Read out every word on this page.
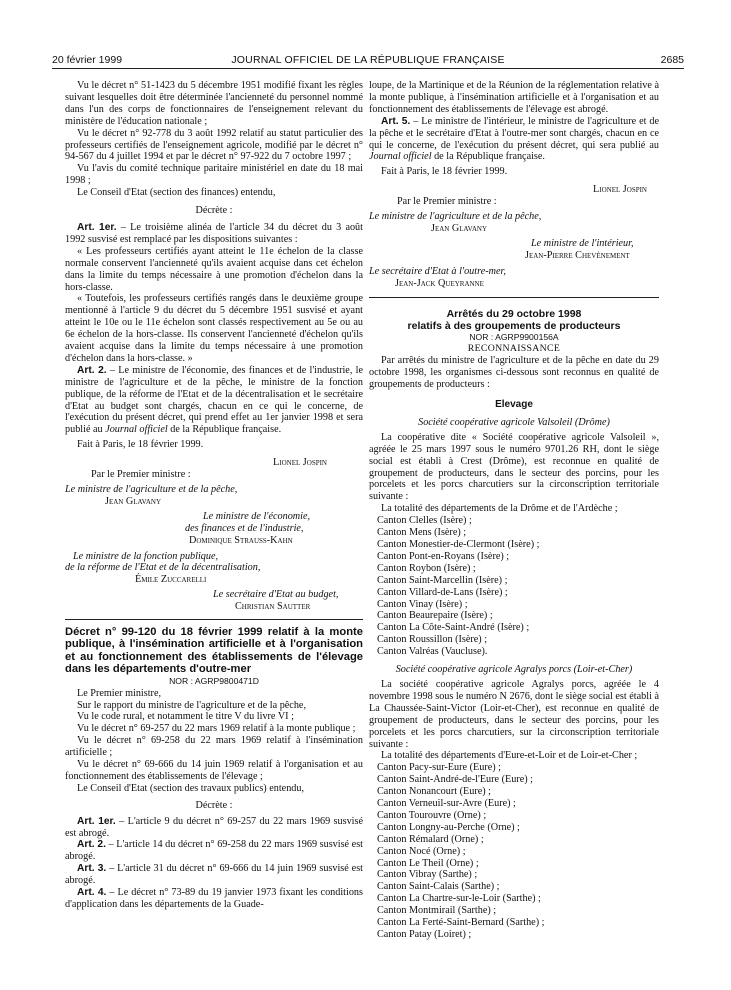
20 février 1999	JOURNAL OFFICIEL DE LA RÉPUBLIQUE FRANÇAISE	2685

Vu le décret n° 51-1423 du 5 décembre 1951 modifié fixant les règles suivant lesquelles doit être déterminée l'ancienneté du personnel nommé dans l'un des corps de fonctionnaires de l'enseignement relevant du ministère de l'éducation nationale ;

Vu le décret n° 92-778 du 3 août 1992 relatif au statut particulier des professeurs certifiés de l'enseignement agricole, modifié par le décret n° 94-567 du 4 juillet 1994 et par le décret n° 97-922 du 7 octobre 1997 ;

Vu l'avis du comité technique paritaire ministériel en date du 18 mai 1998 ;

Le Conseil d'Etat (section des finances) entendu,

Décrète :

Art. 1er. – Le troisième alinéa de l'article 34 du décret du 3 août 1992 susvisé est remplacé par les dispositions suivantes :

« Les professeurs certifiés ayant atteint le 11e échelon de la classe normale conservent l'ancienneté qu'ils avaient acquise dans cet échelon dans la limite du temps nécessaire à une promotion d'échelon dans la hors-classe.

« Toutefois, les professeurs certifiés rangés dans le deuxième groupe mentionné à l'article 9 du décret du 5 décembre 1951 susvisé et ayant atteint le 10e ou le 11e échelon sont classés respectivement au 5e ou au 6e échelon de la hors-classe. Ils conservent l'ancienneté d'échelon qu'ils avaient acquise dans la limite du temps nécessaire à une promotion d'échelon dans la hors-classe. »

Art. 2. – Le ministre de l'économie, des finances et de l'industrie, le ministre de l'agriculture et de la pêche, le ministre de la fonction publique, de la réforme de l'Etat et de la décentralisation et le secrétaire d'Etat au budget sont chargés, chacun en ce qui le concerne, de l'exécution du présent décret, qui prend effet au 1er janvier 1998 et sera publié au Journal officiel de la République française.

Fait à Paris, le 18 février 1999.

Lionel Jospin

Par le Premier ministre :

Le ministre de l'agriculture et de la pêche,

Jean Glavany

Le ministre de l'économie,

des finances et de l'industrie,

Dominique Strauss-Kahn

Le ministre de la fonction publique,

de la réforme de l'Etat et de la décentralisation,

Émile Zuccarelli

Le secrétaire d'Etat au budget,

Christian Sautter

Décret n° 99-120 du 18 février 1999 relatif à la monte publique, à l'insémination artificielle et à l'organisation et au fonctionnement des établissements de l'élevage dans les départements d'outre-mer

NOR : AGRP9800471D

Le Premier ministre,

Sur le rapport du ministre de l'agriculture et de la pêche,

Vu le code rural, et notamment le titre V du livre VI ;

Vu le décret n° 69-257 du 22 mars 1969 relatif à la monte publique ;

Vu le décret n° 69-258 du 22 mars 1969 relatif à l'insémination artificielle ;

Vu le décret n° 69-666 du 14 juin 1969 relatif à l'organisation et au fonctionnement des établissements de l'élevage ;

Le Conseil d'Etat (section des travaux publics) entendu,

Décrète :

Art. 1er. – L'article 9 du décret n° 69-257 du 22 mars 1969 susvisé est abrogé.

Art. 2. – L'article 14 du décret n° 69-258 du 22 mars 1969 susvisé est abrogé.

Art. 3. – L'article 31 du décret n° 69-666 du 14 juin 1969 susvisé est abrogé.

Art. 4. – Le décret n° 73-89 du 19 janvier 1973 fixant les conditions d'application dans les départements de la Guade-

loupe, de la Martinique et de la Réunion de la réglementation relative à la monte publique, à l'insémination artificielle et à l'organisation et au fonctionnement des établissements de l'élevage est abrogé.

Art. 5. – Le ministre de l'intérieur, le ministre de l'agriculture et de la pêche et le secrétaire d'Etat à l'outre-mer sont chargés, chacun en ce qui le concerne, de l'exécution du présent décret, qui sera publié au Journal officiel de la République française.

Fait à Paris, le 18 février 1999.

Lionel Jospin

Par le Premier ministre :

Le ministre de l'agriculture et de la pêche,

Jean Glavany

Le ministre de l'intérieur,

Jean-Pierre Chevènement

Le secrétaire d'Etat à l'outre-mer,

Jean-Jack Queyranne

Arrêtés du 29 octobre 1998

relatifs à des groupements de producteurs

NOR : AGRP9900156A

RECONNAISSANCE

Par arrêtés du ministre de l'agriculture et de la pêche en date du 29 octobre 1998, les organismes ci-dessous sont reconnus en qualité de groupements de producteurs :

Elevage

Société coopérative agricole Valsoleil (Drôme)

La coopérative dite « Société coopérative agricole Valsoleil », agréée le 25 mars 1997 sous le numéro 9701.26 RH, dont le siège social est établi à Crest (Drôme), est reconnue en qualité de groupement de producteurs, dans le secteur des porcins, pour les porcelets et les porcs charcutiers sur la circonscription territoriale suivante :

La totalité des départements de la Drôme et de l'Ardèche ;

Canton Clelles (Isère) ;

Canton Mens (Isère) ;

Canton Monestier-de-Clermont (Isère) ;

Canton Pont-en-Royans (Isère) ;

Canton Roybon (Isère) ;

Canton Saint-Marcellin (Isère) ;

Canton Villard-de-Lans (Isère) ;

Canton Vinay (Isère) ;

Canton Beaurepaire (Isère) ;

Canton La Côte-Saint-André (Isère) ;

Canton Roussillon (Isère) ;

Canton Valréas (Vaucluse).

Société coopérative agricole Agralys porcs (Loir-et-Cher)

La société coopérative agricole Agralys porcs, agréée le 4 novembre 1998 sous le numéro N 2676, dont le siège social est établi à La Chaussée-Saint-Victor (Loir-et-Cher), est reconnue en qualité de groupement de producteurs, dans le secteur des porcins, pour les porcelets et les porcs charcutiers, sur la circonscription territoriale suivante :

La totalité des départements d'Eure-et-Loir et de Loir-et-Cher ;

Canton Pacy-sur-Eure (Eure) ;

Canton Saint-André-de-l'Eure (Eure) ;

Canton Nonancourt (Eure) ;

Canton Verneuil-sur-Avre (Eure) ;

Canton Tourouvre (Orne) ;

Canton Longny-au-Perche (Orne) ;

Canton Rémalard (Orne) ;

Canton Nocé (Orne) ;

Canton Le Theil (Orne) ;

Canton Vibray (Sarthe) ;

Canton Saint-Calais (Sarthe) ;

Canton La Chartre-sur-le-Loir (Sarthe) ;

Canton Montmirail (Sarthe) ;

Canton La Ferté-Saint-Bernard (Sarthe) ;

Canton Patay (Loiret) ;
